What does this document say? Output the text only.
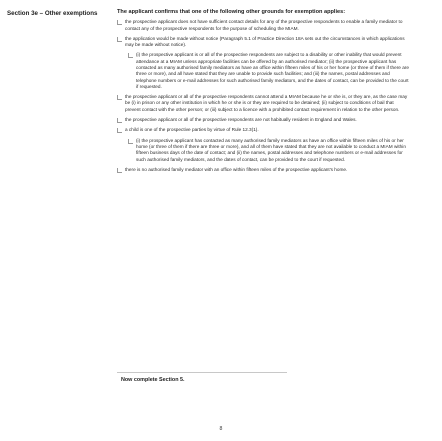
Section 3e – Other exemptions	The applicant confirms that one of the following other grounds for exemption applies:
the prospective applicant does not have sufficient contact details for any of the prospective respondents to enable a family mediator to contact any of the prospective respondents for the purpose of scheduling the MIAM.
the application would be made without notice (Paragraph 5.1 of Practice Direction 18A sets out the circumstances in which applications may be made without notice).
(i) the prospective applicant is or all of the prospective respondents are subject to a disability or other inability that would prevent attendance at a MIAM unless appropriate facilities can be offered by an authorised mediator; (ii) the prospective applicant has contacted as many authorised family mediators as have an office within fifteen miles of his or her home (or three of them if there are three or more), and all have stated that they are unable to provide such facilities; and (iii) the names, postal addresses and telephone numbers or e-mail addresses for such authorised family mediators, and the dates of contact, can be provided to the court if requested.
the prospective applicant or all of the prospective respondents cannot attend a MIAM because he or she is, or they are, as the case may be (i) in prison or any other institution in which he or she is or they are required to be detained; (ii) subject to conditions of bail that prevent contact with the other person; or (iii) subject to a licence with a prohibited contact requirement in relation to the other person.
the prospective applicant or all of the prospective respondents are not habitually resident in England and Wales.
a child is one of the prospective parties by virtue of Rule 12.3(1).
(i) the prospective applicant has contacted as many authorised family mediators as have an office within fifteen miles of his or her home (or three of them if there are three or more), and all of them have stated that they are not available to conduct a MIAM within fifteen business days of the date of contact; and (ii) the names, postal addresses and telephone numbers or e-mail addresses for such authorised family mediators, and the dates of contact, can be provided to the court if requested.
there is no authorised family mediator with an office within fifteen miles of the prospective applicant's home.
Now complete Section 5.
8
